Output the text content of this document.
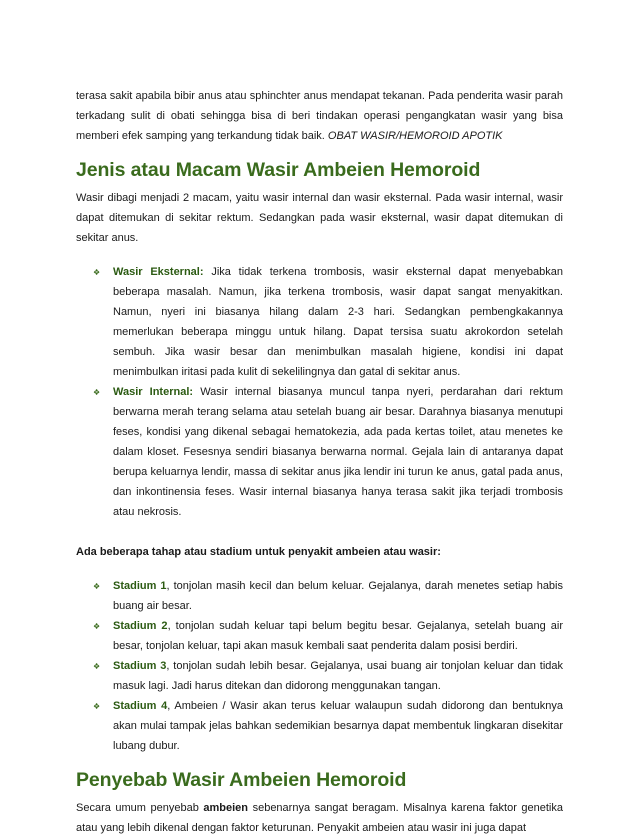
terasa sakit apabila bibir anus atau sphinchter anus mendapat tekanan. Pada penderita wasir parah terkadang sulit di obati sehingga bisa di beri tindakan operasi pengangkatan wasir yang bisa memberi efek samping yang terkandung tidak baik. OBAT WASIR/HEMOROID APOTIK

Jenis atau Macam Wasir Ambeien Hemoroid

Wasir dibagi menjadi 2 macam, yaitu wasir internal dan wasir eksternal. Pada wasir internal, wasir dapat ditemukan di sekitar rektum. Sedangkan pada wasir eksternal, wasir dapat ditemukan di sekitar anus.

❖ Wasir Eksternal: Jika tidak terkena trombosis, wasir eksternal dapat menyebabkan beberapa masalah. Namun, jika terkena trombosis, wasir dapat sangat menyakitkan. Namun, nyeri ini biasanya hilang dalam 2-3 hari. Sedangkan pembengkakannya memerlukan beberapa minggu untuk hilang. Dapat tersisa suatu akrokordon setelah sembuh. Jika wasir besar dan menimbulkan masalah higiene, kondisi ini dapat menimbulkan iritasi pada kulit di sekelilingnya dan gatal di sekitar anus.
❖ Wasir Internal: Wasir internal biasanya muncul tanpa nyeri, perdarahan dari rektum berwarna merah terang selama atau setelah buang air besar. Darahnya biasanya menutupi feses, kondisi yang dikenal sebagai hematokezia, ada pada kertas toilet, atau menetes ke dalam kloset. Fesesnya sendiri biasanya berwarna normal. Gejala lain di antaranya dapat berupa keluarnya lendir, massa di sekitar anus jika lendir ini turun ke anus, gatal pada anus, dan inkontinensia feses. Wasir internal biasanya hanya terasa sakit jika terjadi trombosis atau nekrosis.

Ada beberapa tahap atau stadium untuk penyakit ambeien atau wasir:

❖ Stadium 1, tonjolan masih kecil dan belum keluar. Gejalanya, darah menetes setiap habis buang air besar.
❖ Stadium 2, tonjolan sudah keluar tapi belum begitu besar. Gejalanya, setelah buang air besar, tonjolan keluar, tapi akan masuk kembali saat penderita dalam posisi berdiri.
❖ Stadium 3, tonjolan sudah lebih besar. Gejalanya, usai buang air tonjolan keluar dan tidak masuk lagi. Jadi harus ditekan dan didorong menggunakan tangan.
❖ Stadium 4, Ambeien / Wasir akan terus keluar walaupun sudah didorong dan bentuknya akan mulai tampak jelas bahkan sedemikian besarnya dapat membentuk lingkaran disekitar lubang dubur.
Penyebab Wasir Ambeien Hemoroid

Secara umum penyebab ambeien sebenarnya sangat beragam. Misalnya karena faktor genetika atau yang lebih dikenal dengan faktor keturunan. Penyakit ambeien atau wasir ini juga dapat
